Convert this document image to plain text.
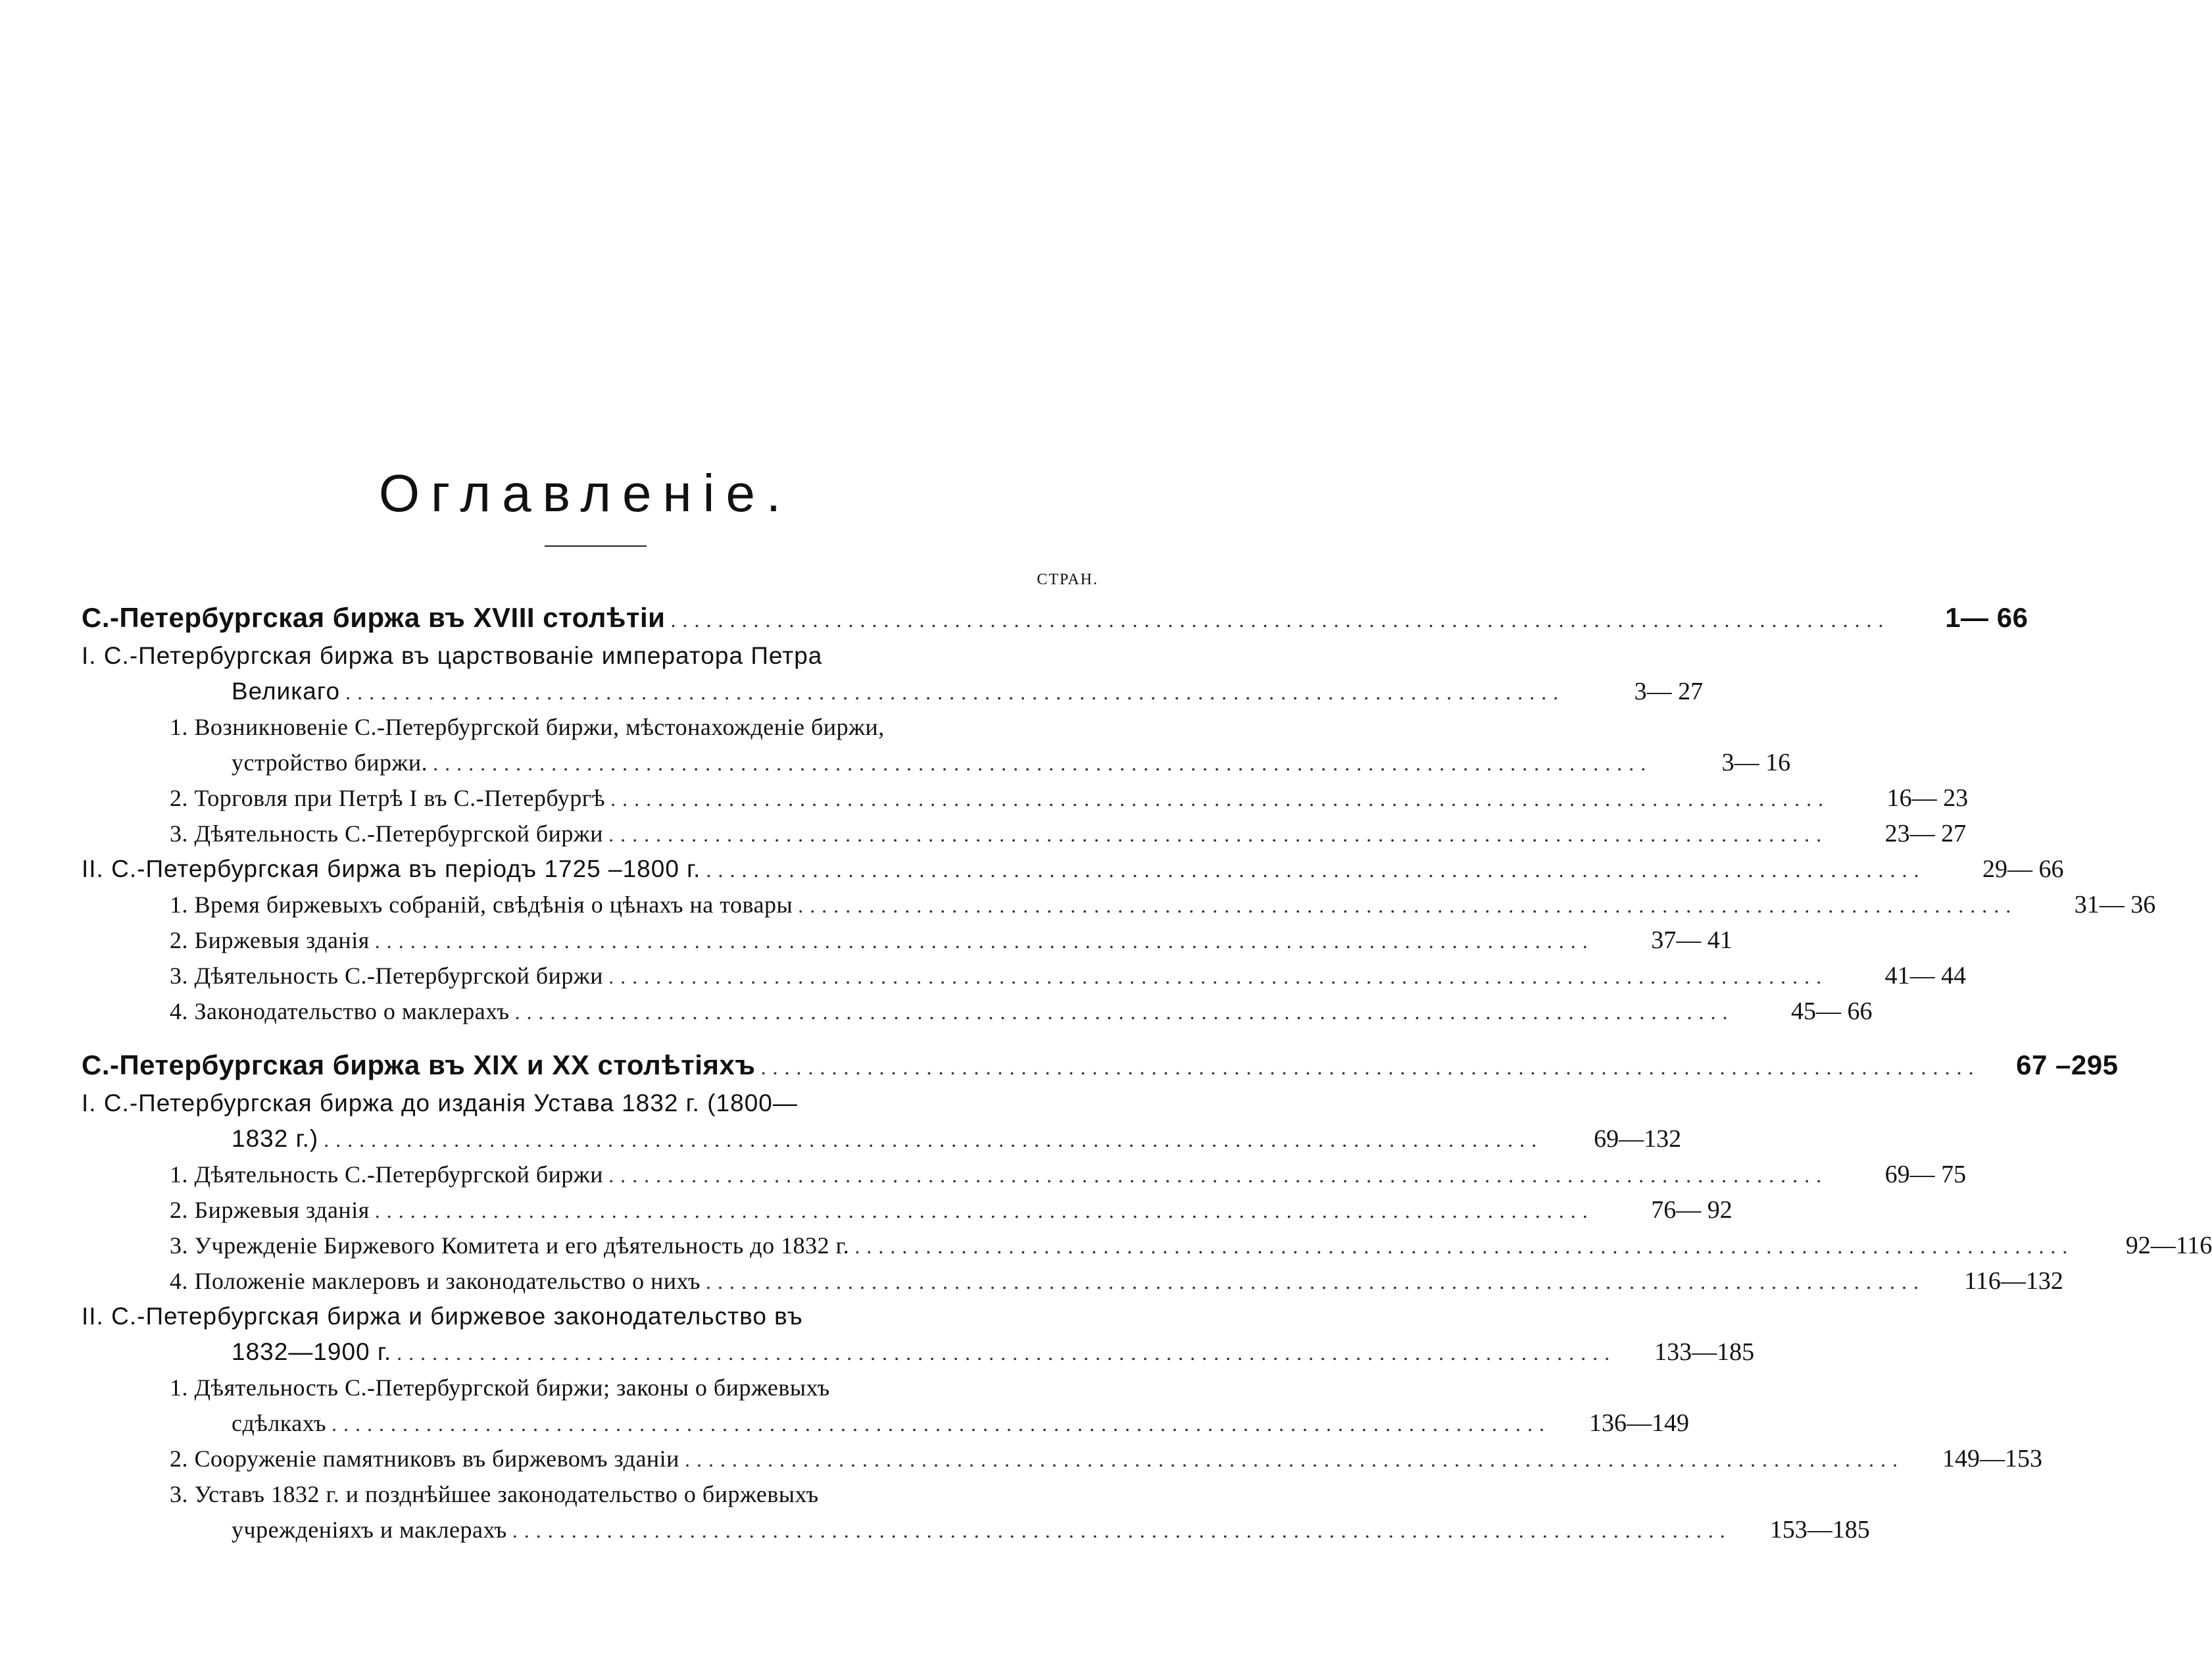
Оглавленіе.
СТРАН.
С.-Петербургская биржа въ XVIII столѣтіи .......................................................................................................	1— 66
I. С.-Петербургская биржа въ царствованіе императора Петра
Великаго .......................................................................................................	3— 27
1. Возникновеніе С.-Петербургской биржи, мѣстонахожденіе биржи,
устройство биржи. .......................................................................................................	3— 16
2. Торговля при Петрѣ I въ С.-Петербургѣ .......................................................................................................	16— 23
3. Дѣятельность С.-Петербургской биржи .......................................................................................................	23— 27
II. С.-Петербургская биржа въ періодъ 1725 –1800 г. .......................................................................................................	29— 66
1. Время биржевыхъ собраній, свѣдѣнія о цѣнахъ на товары .......................................................................................................	31— 36
2. Биржевыя зданія .......................................................................................................	37— 41
3. Дѣятельность С.-Петербургской биржи .......................................................................................................	41— 44
4. Законодательство о маклерахъ .......................................................................................................	45— 66
С.-Петербургская биржа въ XIX и XX столѣтіяхъ .......................................................................................................	67 –295
I. С.-Петербургская биржа до изданія Устава 1832 г. (1800—
1832 г.) .......................................................................................................	69—132
1. Дѣятельность С.-Петербургской биржи .......................................................................................................	69— 75
2. Биржевыя зданія .......................................................................................................	76— 92
3. Учрежденіе Биржевого Комитета и его дѣятельность до 1832 г. .......................................................................................................	92—116
4. Положеніе маклеровъ и законодательство о нихъ .......................................................................................................	116—132
II. С.-Петербургская биржа и биржевое законодательство въ
1832—1900 г. .......................................................................................................	133—185
1. Дѣятельность С.-Петербургской биржи; законы о биржевыхъ
сдѣлкахъ .......................................................................................................	136—149
2. Сооруженіе памятниковъ въ биржевомъ зданіи .......................................................................................................	149—153
3. Уставъ 1832 г. и позднѣйшее законодательство о биржевыхъ
учрежденіяхъ и маклерахъ .......................................................................................................	153—185
